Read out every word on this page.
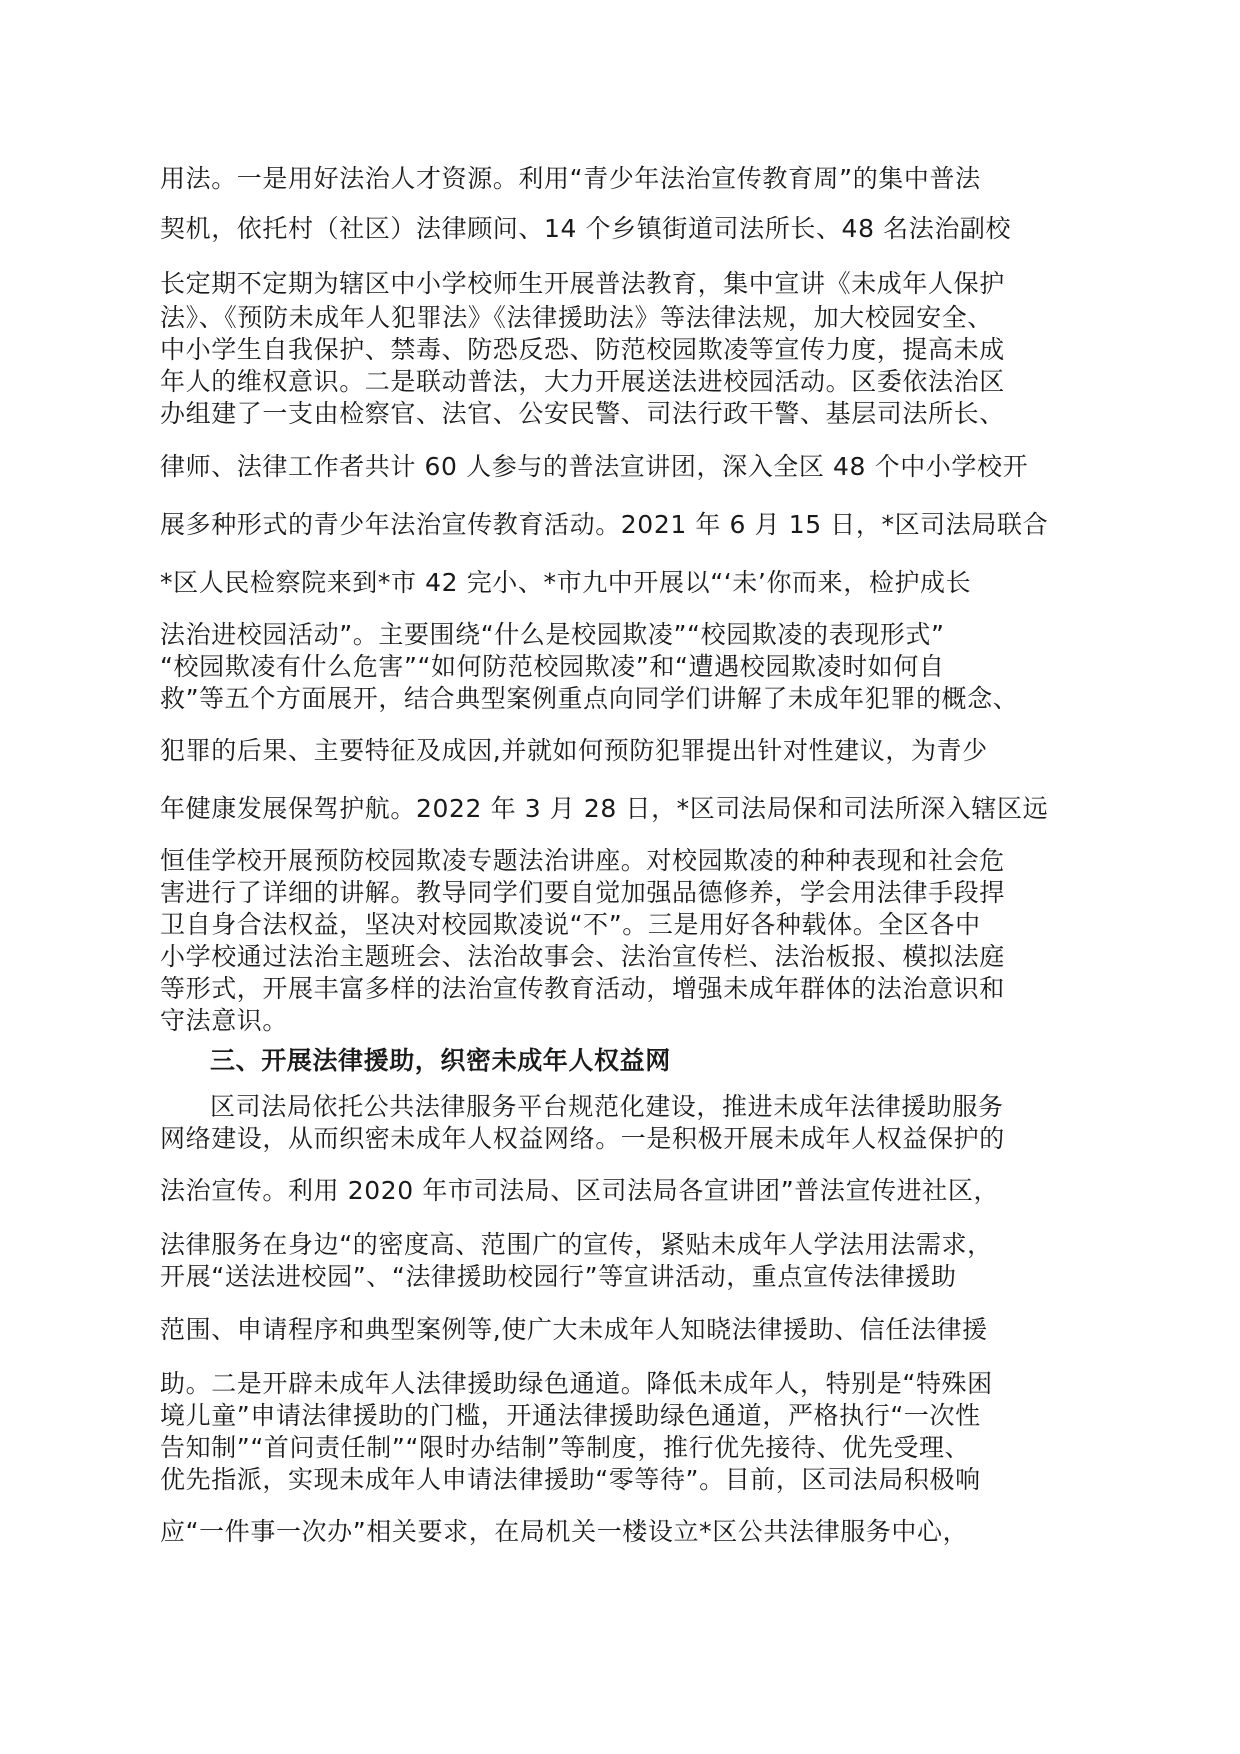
用法。一是用好法治人才资源。利用“青少年法治宣传教育周”的集中普法
契机，依托村（社区）法律顾问、14 个乡镇街道司法所长、48 名法治副校
长定期不定期为辖区中小学校师生开展普法教育，集中宣讲《未成年人保护
法》、《预防未成年人犯罪法》《法律援助法》等法律法规，加大校园安全、
中小学生自我保护、禁毒、防恐反恐、防范校园欺凌等宣传力度，提高未成
年人的维权意识。二是联动普法，大力开展送法进校园活动。区委依法治区
办组建了一支由检察官、法官、公安民警、司法行政干警、基层司法所长、
律师、法律工作者共计 60 人参与的普法宣讲团，深入全区 48 个中小学校开
展多种形式的青少年法治宣传教育活动。2021 年 6 月 15 日，*区司法局联合
*区人民检察院来到*市 42 完小、*市九中开展以“‘未’你而来，检护成长
法治进校园活动”。主要围绕“什么是校园欺凌”“校园欺凌的表现形式”
“校园欺凌有什么危害”“如何防范校园欺凌”和“遭遇校园欺凌时如何自
救”等五个方面展开，结合典型案例重点向同学们讲解了未成年犯罪的概念、
犯罪的后果、主要特征及成因,并就如何预防犯罪提出针对性建议，为青少
年健康发展保驾护航。2022 年 3 月 28 日，*区司法局保和司法所深入辖区远
恒佳学校开展预防校园欺凌专题法治讲座。对校园欺凌的种种表现和社会危
害进行了详细的讲解。教导同学们要自觉加强品德修养，学会用法律手段捍
卫自身合法权益，坚决对校园欺凌说“不”。三是用好各种载体。全区各中
小学校通过法治主题班会、法治故事会、法治宣传栏、法治板报、模拟法庭
等形式，开展丰富多样的法治宣传教育活动，增强未成年群体的法治意识和
守法意识。
三、开展法律援助，织密未成年人权益网
区司法局依托公共法律服务平台规范化建设，推进未成年法律援助服务
网络建设，从而织密未成年人权益网络。一是积极开展未成年人权益保护的
法治宣传。利用 2020 年市司法局、区司法局各宣讲团”普法宣传进社区，
法律服务在身边“的密度高、范围广的宣传，紧贴未成年人学法用法需求，
开展“送法进校园”、“法律援助校园行”等宣讲活动，重点宣传法律援助
范围、申请程序和典型案例等,使广大未成年人知晓法律援助、信任法律援
助。二是开辟未成年人法律援助绿色通道。降低未成年人，特别是“特殊困
境儿童”申请法律援助的门槛，开通法律援助绿色通道，严格执行“一次性
告知制”“首问责任制”“限时办结制”等制度，推行优先接待、优先受理、
优先指派，实现未成年人申请法律援助“零等待”。目前，区司法局积极响
应“一件事一次办”相关要求，在局机关一楼设立*区公共法律服务中心，
